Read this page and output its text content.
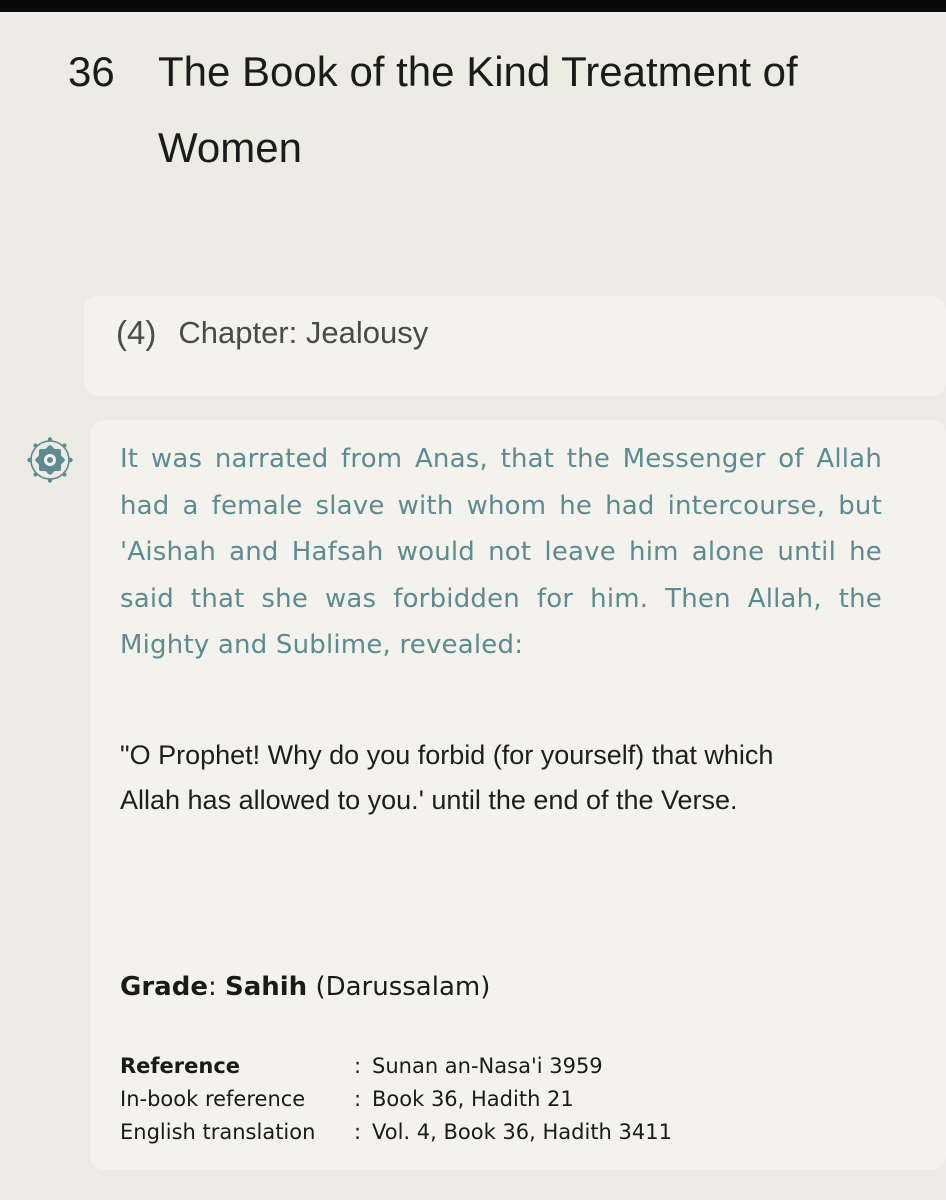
36	The Book of the Kind Treatment of Women
(4) Chapter: Jealousy
It was narrated from Anas, that the Messenger of Allah had a female slave with whom he had intercourse, but 'Aishah and Hafsah would not leave him alone until he said that she was forbidden for him. Then Allah, the Mighty and Sublime, revealed:
"O Prophet! Why do you forbid (for yourself) that which
Allah has allowed to you.' until the end of the Verse.
Grade: Sahih (Darussalam)
Reference	: Sunan an-Nasa'i 3959
In-book reference	: Book 36, Hadith 21
English translation	: Vol. 4, Book 36, Hadith 3411
